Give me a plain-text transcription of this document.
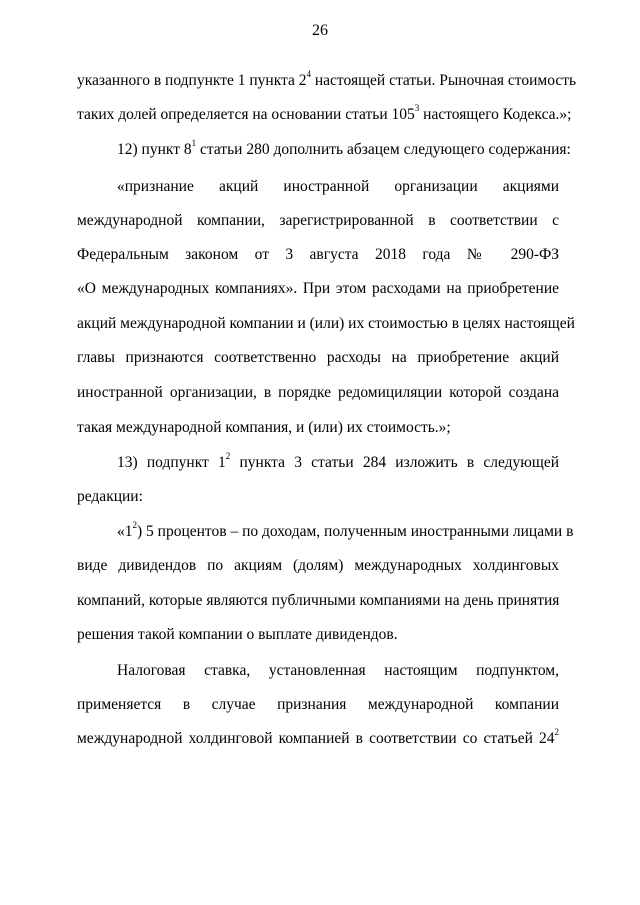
26
указанного в подпункте 1 пункта $2^4$ настоящей статьи. Рыночная стоимость
таких долей определяется на основании статьи $105^3$ настоящего Кодекса.»;
12) пункт $8^1$ статьи 280 дополнить абзацем следующего содержания:
«признание акций иностранной организации акциями
международной компании, зарегистрированной в соответствии с
Федеральным законом от 3 августа 2018 года № 290-ФЗ
«О международных компаниях». При этом расходами на приобретение
акций международной компании и (или) их стоимостью в целях настоящей
главы признаются соответственно расходы на приобретение акций
иностранной организации, в порядке редомициляции которой создана
такая международной компания, и (или) их стоимость.»;
13) подпункт $1^2$ пункта 3 статьи 284 изложить в следующей
редакции:
«$1^2$) 5 процентов – по доходам, полученным иностранными лицами в
виде дивидендов по акциям (долям) международных холдинговых
компаний, которые являются публичными компаниями на день принятия
решения такой компании о выплате дивидендов.
Налоговая ставка, установленная настоящим подпунктом,
применяется в случае признания международной компании
международной холдинговой компанией в соответствии со статьей $24^2$
